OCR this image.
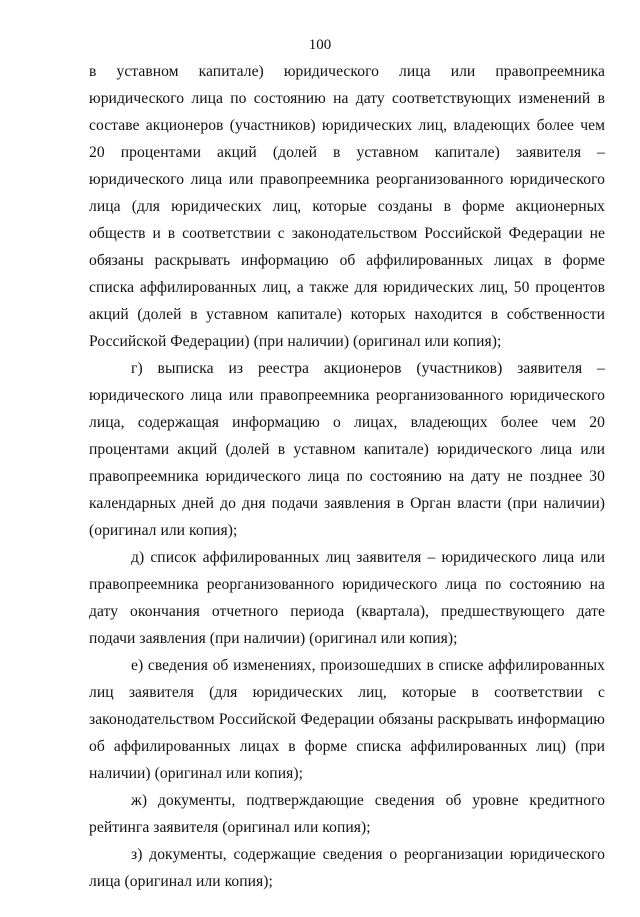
100

в уставном капитале) юридического лица или правопреемника юридического лица по состоянию на дату соответствующих изменений в составе акционеров (участников) юридических лиц, владеющих более чем 20 процентами акций (долей в уставном капитале) заявителя – юридического лица или правопреемника реорганизованного юридического лица (для юридических лиц, которые созданы в форме акционерных обществ и в соответствии с законодательством Российской Федерации не обязаны раскрывать информацию об аффилированных лицах в форме списка аффилированных лиц, а также для юридических лиц, 50 процентов акций (долей в уставном капитале) которых находится в собственности Российской Федерации) (при наличии) (оригинал или копия);

г) выписка из реестра акционеров (участников) заявителя – юридического лица или правопреемника реорганизованного юридического лица, содержащая информацию о лицах, владеющих более чем 20 процентами акций (долей в уставном капитале) юридического лица или правопреемника юридического лица по состоянию на дату не позднее 30 календарных дней до дня подачи заявления в Орган власти (при наличии) (оригинал или копия);

д) список аффилированных лиц заявителя – юридического лица или правопреемника реорганизованного юридического лица по состоянию на дату окончания отчетного периода (квартала), предшествующего дате подачи заявления (при наличии) (оригинал или копия);

е) сведения об изменениях, произошедших в списке аффилированных лиц заявителя (для юридических лиц, которые в соответствии с законодательством Российской Федерации обязаны раскрывать информацию об аффилированных лицах в форме списка аффилированных лиц) (при наличии) (оригинал или копия);

ж) документы, подтверждающие сведения об уровне кредитного рейтинга заявителя (оригинал или копия);

з) документы, содержащие сведения о реорганизации юридического лица (оригинал или копия);
